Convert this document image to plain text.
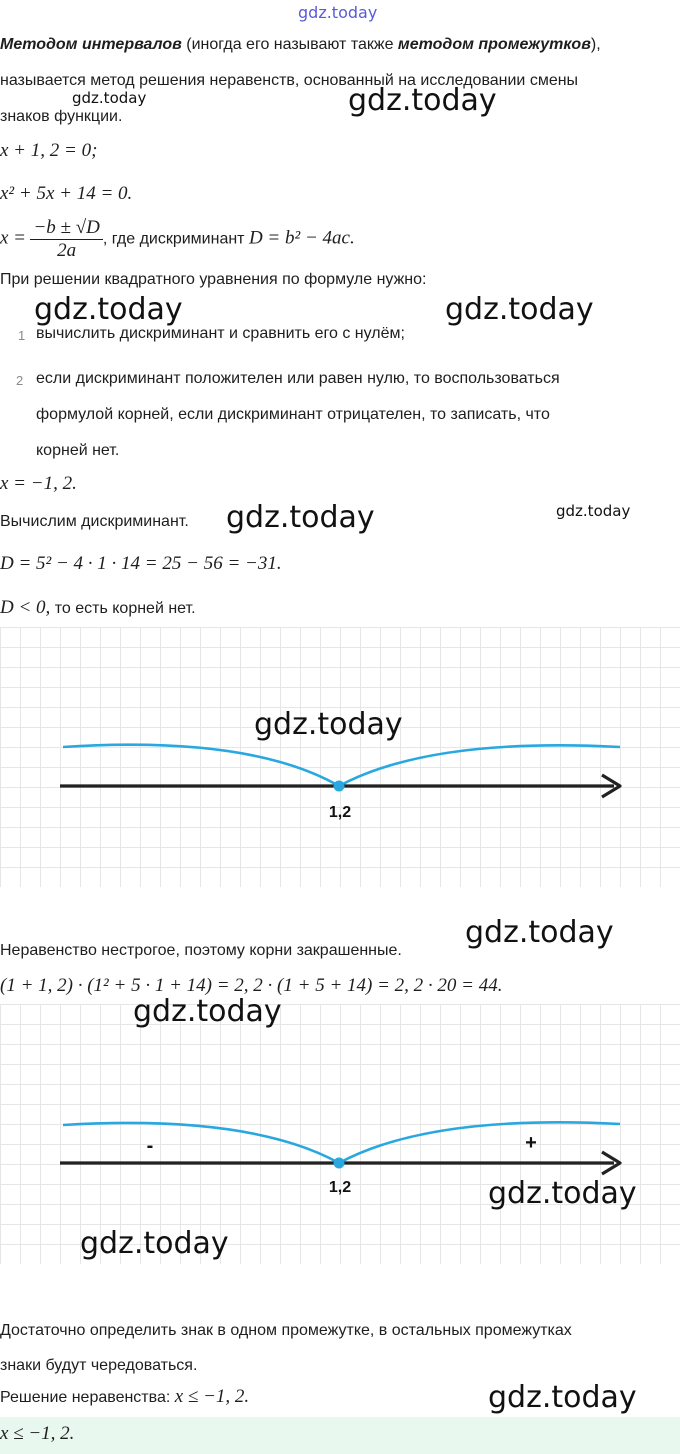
gdz.today
Методом интервалов (иногда его называют также методом промежутков),
называется метод решения неравенств, основанный на исследовании смены
знаков функции.
gdz.today	gdz.today
x + 1, 2 = 0;
x² + 5x + 14 = 0.
$x = \frac{-b \pm √D}{2a}$ , где дискриминант D = b² − 4ac.
При решении квадратного уравнения по формуле нужно:
gdz.today	gdz.today
1 вычислить дискриминант и сравнить его с нулём;
2 если дискриминант положителен или равен нулю, то воспользоваться
формулой корней, если дискриминант отрицателен, то записать, что
корней нет.
x = −1, 2.
Вычислим дискриминант. gdz.today	gdz.today
D = 5² − 4 · 1 · 14 = 25 − 56 = −31.
D < 0, то есть корней нет.
1,2
gdz.today
Неравенство нестрогое, поэтому корни закрашенные.
gdz.today
(1 + 1, 2) · (1² + 5 · 1 + 14) = 2, 2 · (1 + 5 + 14) = 2, 2 · 20 = 44.
1,2
-	+
gdz.today
gdz.today
gdz.today
Достаточно определить знак в одном промежутке, в остальных промежутках
знаки будут чередоваться.
Решение неравенства: x ≤ −1, 2.	gdz.today
x ≤ −1, 2.
